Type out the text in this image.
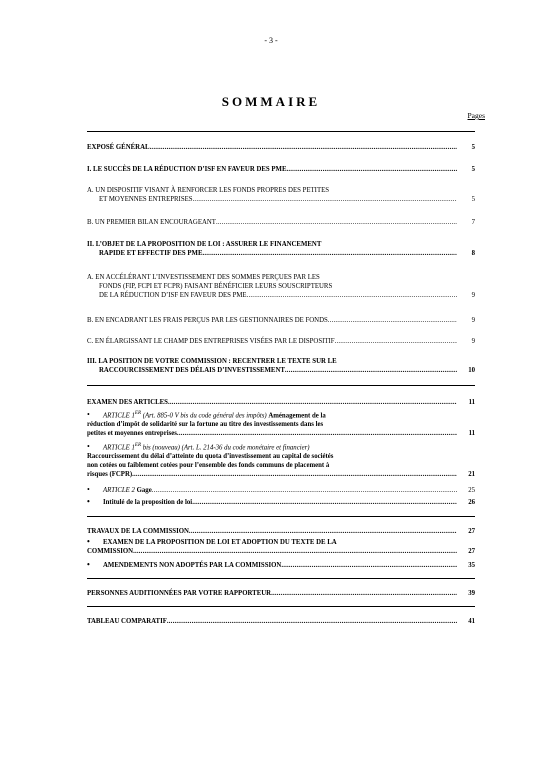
- 3 -
SOMMAIRE
Pages
EXPOSÉ GÉNÉRAL .....	5
I. LE SUCCÈS DE LA RÉDUCTION D’ISF EN FAVEUR DES PME .....	5
A. UN DISPOSITIF VISANT À RENFORCER LES FONDS PROPRES DES PETITES
ET MOYENNES ENTREPRISES .....	5
B. UN PREMIER BILAN ENCOURAGEANT .....	7
II. L’OBJET DE LA PROPOSITION DE LOI : ASSURER LE FINANCEMENT
RAPIDE ET EFFECTIF DES PME .....	8
A. EN ACCÉLÉRANT L’INVESTISSEMENT DES SOMMES PERÇUES PAR LES
FONDS (FIP, FCPI ET FCPR) FAISANT BÉNÉFICIER LEURS SOUSCRIPTEURS
DE LA RÉDUCTION D’ISF EN FAVEUR DES PME .....	9
B. EN ENCADRANT LES FRAIS PERÇUS PAR LES GESTIONNAIRES DE FONDS .....	9
C. EN ÉLARGISSANT LE CHAMP DES ENTREPRISES VISÉES PAR LE DISPOSITIF .....	9
III. LA POSITION DE VOTRE COMMISSION : RECENTRER LE TEXTE SUR LE
RACCOURCISSEMENT DES DÉLAIS D’INVESTISSEMENT .....	10
EXAMEN DES ARTICLES .....	11
• ARTICLE 1ER (Art. 885-0 V bis du code général des impôts) Aménagement de la
réduction d’impôt de solidarité sur la fortune au titre des investissements dans les
petites et moyennes entreprises .....	11
• ARTICLE 1ER bis (nouveau) (Art. L. 214-36 du code monétaire et financier)
Raccourcissement du délai d’atteinte du quota d’investissement au capital de sociétés
non cotées ou faiblement cotées pour l’ensemble des fonds communs de placement à
risques (FCPR) .....	21
• ARTICLE 2 Gage .....	25
• Intitulé de la proposition de loi .....	26
TRAVAUX DE LA COMMISSION .....	27
• EXAMEN DE LA PROPOSITION DE LOI ET ADOPTION DU TEXTE DE LA
COMMISSION .....	27
• AMENDEMENTS NON ADOPTÉS PAR LA COMMISSION .....	35
PERSONNES AUDITIONNÉES PAR VOTRE RAPPORTEUR .....	39
TABLEAU COMPARATIF .....	41
